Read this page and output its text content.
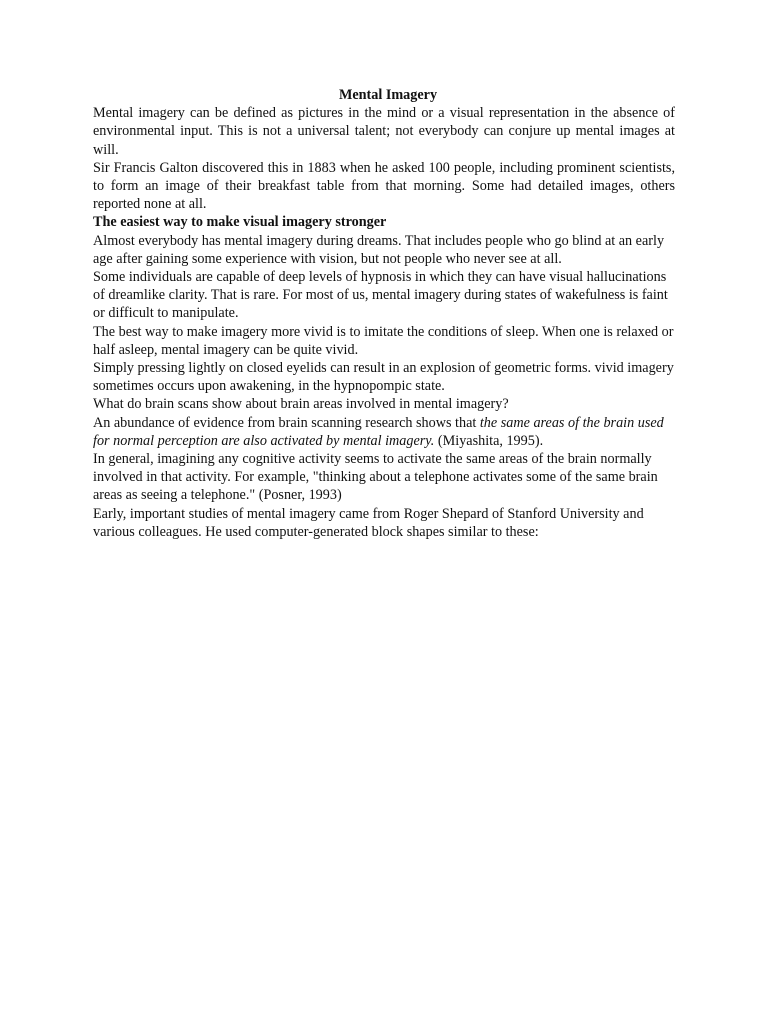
Mental Imagery

Mental imagery can be defined as pictures in the mind or a visual representation in the absence of environmental input. This is not a universal talent; not everybody can conjure up mental images at will.

Sir Francis Galton discovered this in 1883 when he asked 100 people, including prominent scientists, to form an image of their breakfast table from that morning. Some had detailed images, others reported none at all.

The easiest way to make visual imagery stronger

Almost everybody has mental imagery during dreams. That includes people who go blind at an early age after gaining some experience with vision, but not people who never see at all.

Some individuals are capable of deep levels of hypnosis in which they can have visual hallucinations of dreamlike clarity. That is rare. For most of us, mental imagery during states of wakefulness is faint or difficult to manipulate.

The best way to make imagery more vivid is to imitate the conditions of sleep. When one is relaxed or half asleep, mental imagery can be quite vivid.

Simply pressing lightly on closed eyelids can result in an explosion of geometric forms. vivid imagery sometimes occurs upon awakening, in the hypnopompic state.

What do brain scans show about brain areas involved in mental imagery?

An abundance of evidence from brain scanning research shows that the same areas of the brain used for normal perception are also activated by mental imagery. (Miyashita, 1995).

In general, imagining any cognitive activity seems to activate the same areas of the brain normally involved in that activity. For example, "thinking about a telephone activates some of the same brain areas as seeing a telephone." (Posner, 1993)

Early, important studies of mental imagery came from Roger Shepard of Stanford University and various colleagues. He used computer-generated block shapes similar to these:
